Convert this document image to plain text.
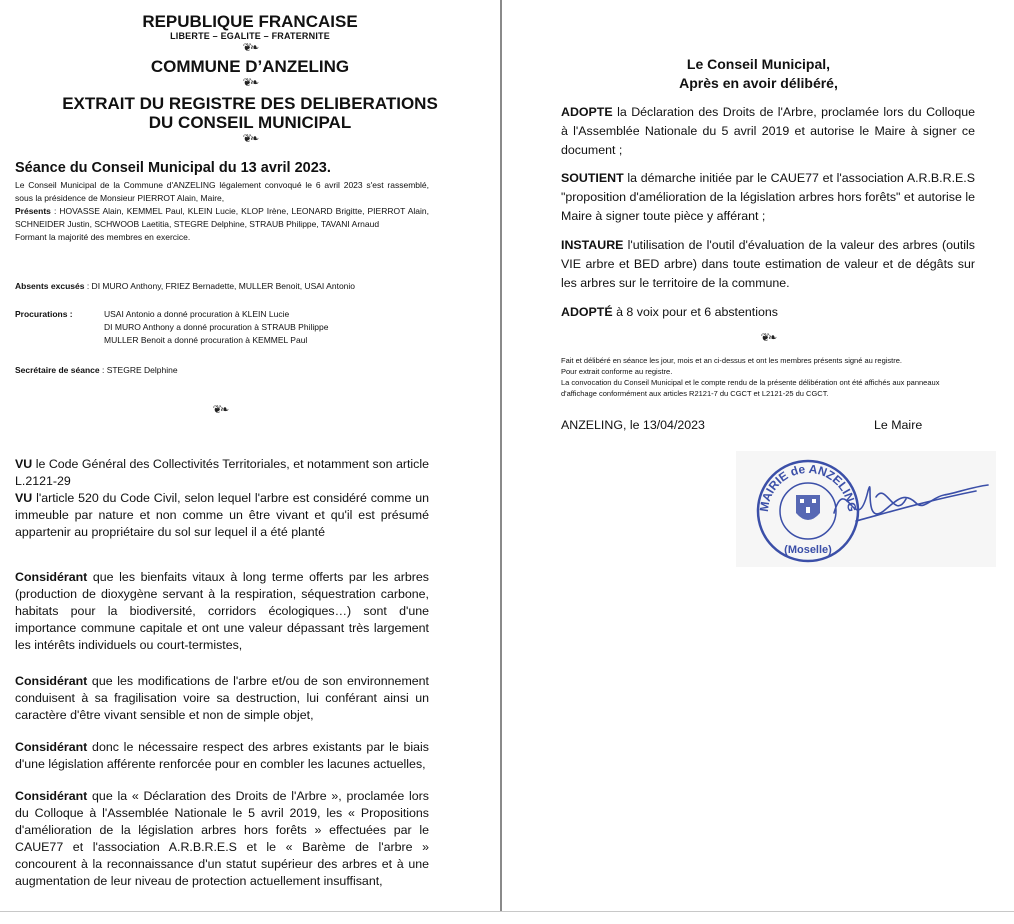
REPUBLIQUE FRANCAISE
LIBERTE – EGALITE – FRATERNITE
❦❧
COMMUNE D’ANZELING
❦❧
EXTRAIT DU REGISTRE DES DELIBERATIONS
DU CONSEIL MUNICIPAL
❦❧
Séance du Conseil Municipal du 13 avril 2023.
Le Conseil Municipal de la Commune d'ANZELING légalement convoqué le 6 avril 2023 s'est rassemblé, sous la présidence de Monsieur PIERROT Alain, Maire,
Présents : HOVASSE Alain, KEMMEL Paul, KLEIN Lucie, KLOP Irène, LEONARD Brigitte, PIERROT Alain, SCHNEIDER Justin, SCHWOOB Laetitia, STEGRE Delphine, STRAUB Philippe, TAVANI Arnaud
Formant la majorité des membres en exercice.
Absents excusés : DI MURO Anthony, FRIEZ Bernadette, MULLER Benoit, USAI Antonio
Procurations :	USAI Antonio a donné procuration à KLEIN Lucie
DI MURO Anthony a donné procuration à STRAUB Philippe
MULLER Benoit a donné procuration à KEMMEL Paul
Secrétaire de séance : STEGRE Delphine
❦❧

VU le Code Général des Collectivités Territoriales, et notamment son article L.2121-29

VU l'article 520 du Code Civil, selon lequel l'arbre est considéré comme un immeuble par nature et non comme un être vivant et qu'il est présumé appartenir au propriétaire du sol sur lequel il a été planté

Considérant que les bienfaits vitaux à long terme offerts par les arbres (production de dioxygène servant à la respiration, séquestration carbone, habitats pour la biodiversité, corridors écologiques…) sont d'une importance commune capitale et ont une valeur dépassant très largement les intérêts individuels ou court-termistes,
Considérant que les modifications de l'arbre et/ou de son environnement conduisent à sa fragilisation voire sa destruction, lui conférant ainsi un caractère d'être vivant sensible et non de simple objet,
Considérant donc le nécessaire respect des arbres existants par le biais d'une législation afférente renforcée pour en combler les lacunes actuelles,
Considérant que la « Déclaration des Droits de l'Arbre », proclamée lors du Colloque à l'Assemblée Nationale le 5 avril 2019, les « Propositions d'amélioration de la législation arbres hors forêts » effectuées par le CAUE77 et l'association A.R.B.R.E.S et le « Barème de l'arbre » concourent à la reconnaissance d'un statut supérieur des arbres et à une augmentation de leur niveau de protection actuellement insuffisant,
Le Conseil Municipal,
Après en avoir délibéré,
ADOPTE la Déclaration des Droits de l'Arbre, proclamée lors du Colloque à l'Assemblée Nationale du 5 avril 2019 et autorise le Maire à signer ce document ;
SOUTIENT la démarche initiée par le CAUE77 et l'association A.R.B.R.E.S "proposition d'amélioration de la législation arbres hors forêts" et autorise le Maire à signer toute pièce y afférant ;
INSTAURE l'utilisation de l'outil d'évaluation de la valeur des arbres (outils VIE arbre et BED arbre) dans toute estimation de valeur et de dégâts sur les arbres sur le territoire de la commune.
ADOPTÉ à 8 voix pour et 6 abstentions
❦❧
Fait et délibéré en séance les jour, mois et an ci-dessus et ont les membres présents signé au registre.
Pour extrait conforme au registre.
La convocation du Conseil Municipal et le compte rendu de la présente délibération ont été affichés aux panneaux d'affichage conformément aux articles R2121-7 du CGCT et L2121-25 du CGCT.
ANZELING, le 13/04/2023	Le Maire
MAIRIE de ANZELING
(Moselle)
